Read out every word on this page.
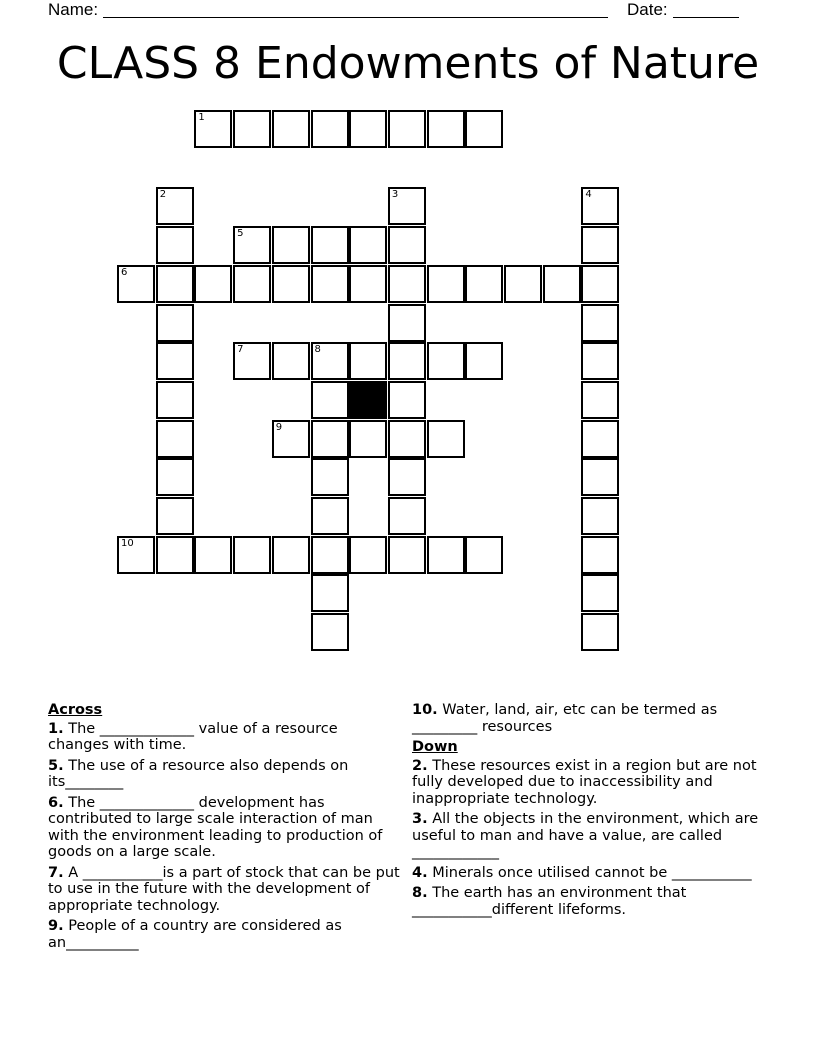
Name:	Date:
CLASS 8 Endowments of Nature
1
5
6
7	8
9
10
2	3	4
Across
1. The _____________ value of a resource changes with time.
5. The use of a resource also depends on its________
6. The _____________ development has contributed to large scale interaction of man with the environment leading to production of goods on a large scale.
7. A ___________is a part of stock that can be put to use in the future with the development of appropriate technology.
9. People of a country are considered as an__________
10. Water, land, air, etc can be termed as _________ resources
Down
2. These resources exist in a region but are not fully developed due to inaccessibility and inappropriate technology.
3. All the objects in the environment, which are useful to man and have a value, are called ____________
4. Minerals once utilised cannot be ___________
8. The earth has an environment that ___________different lifeforms.
